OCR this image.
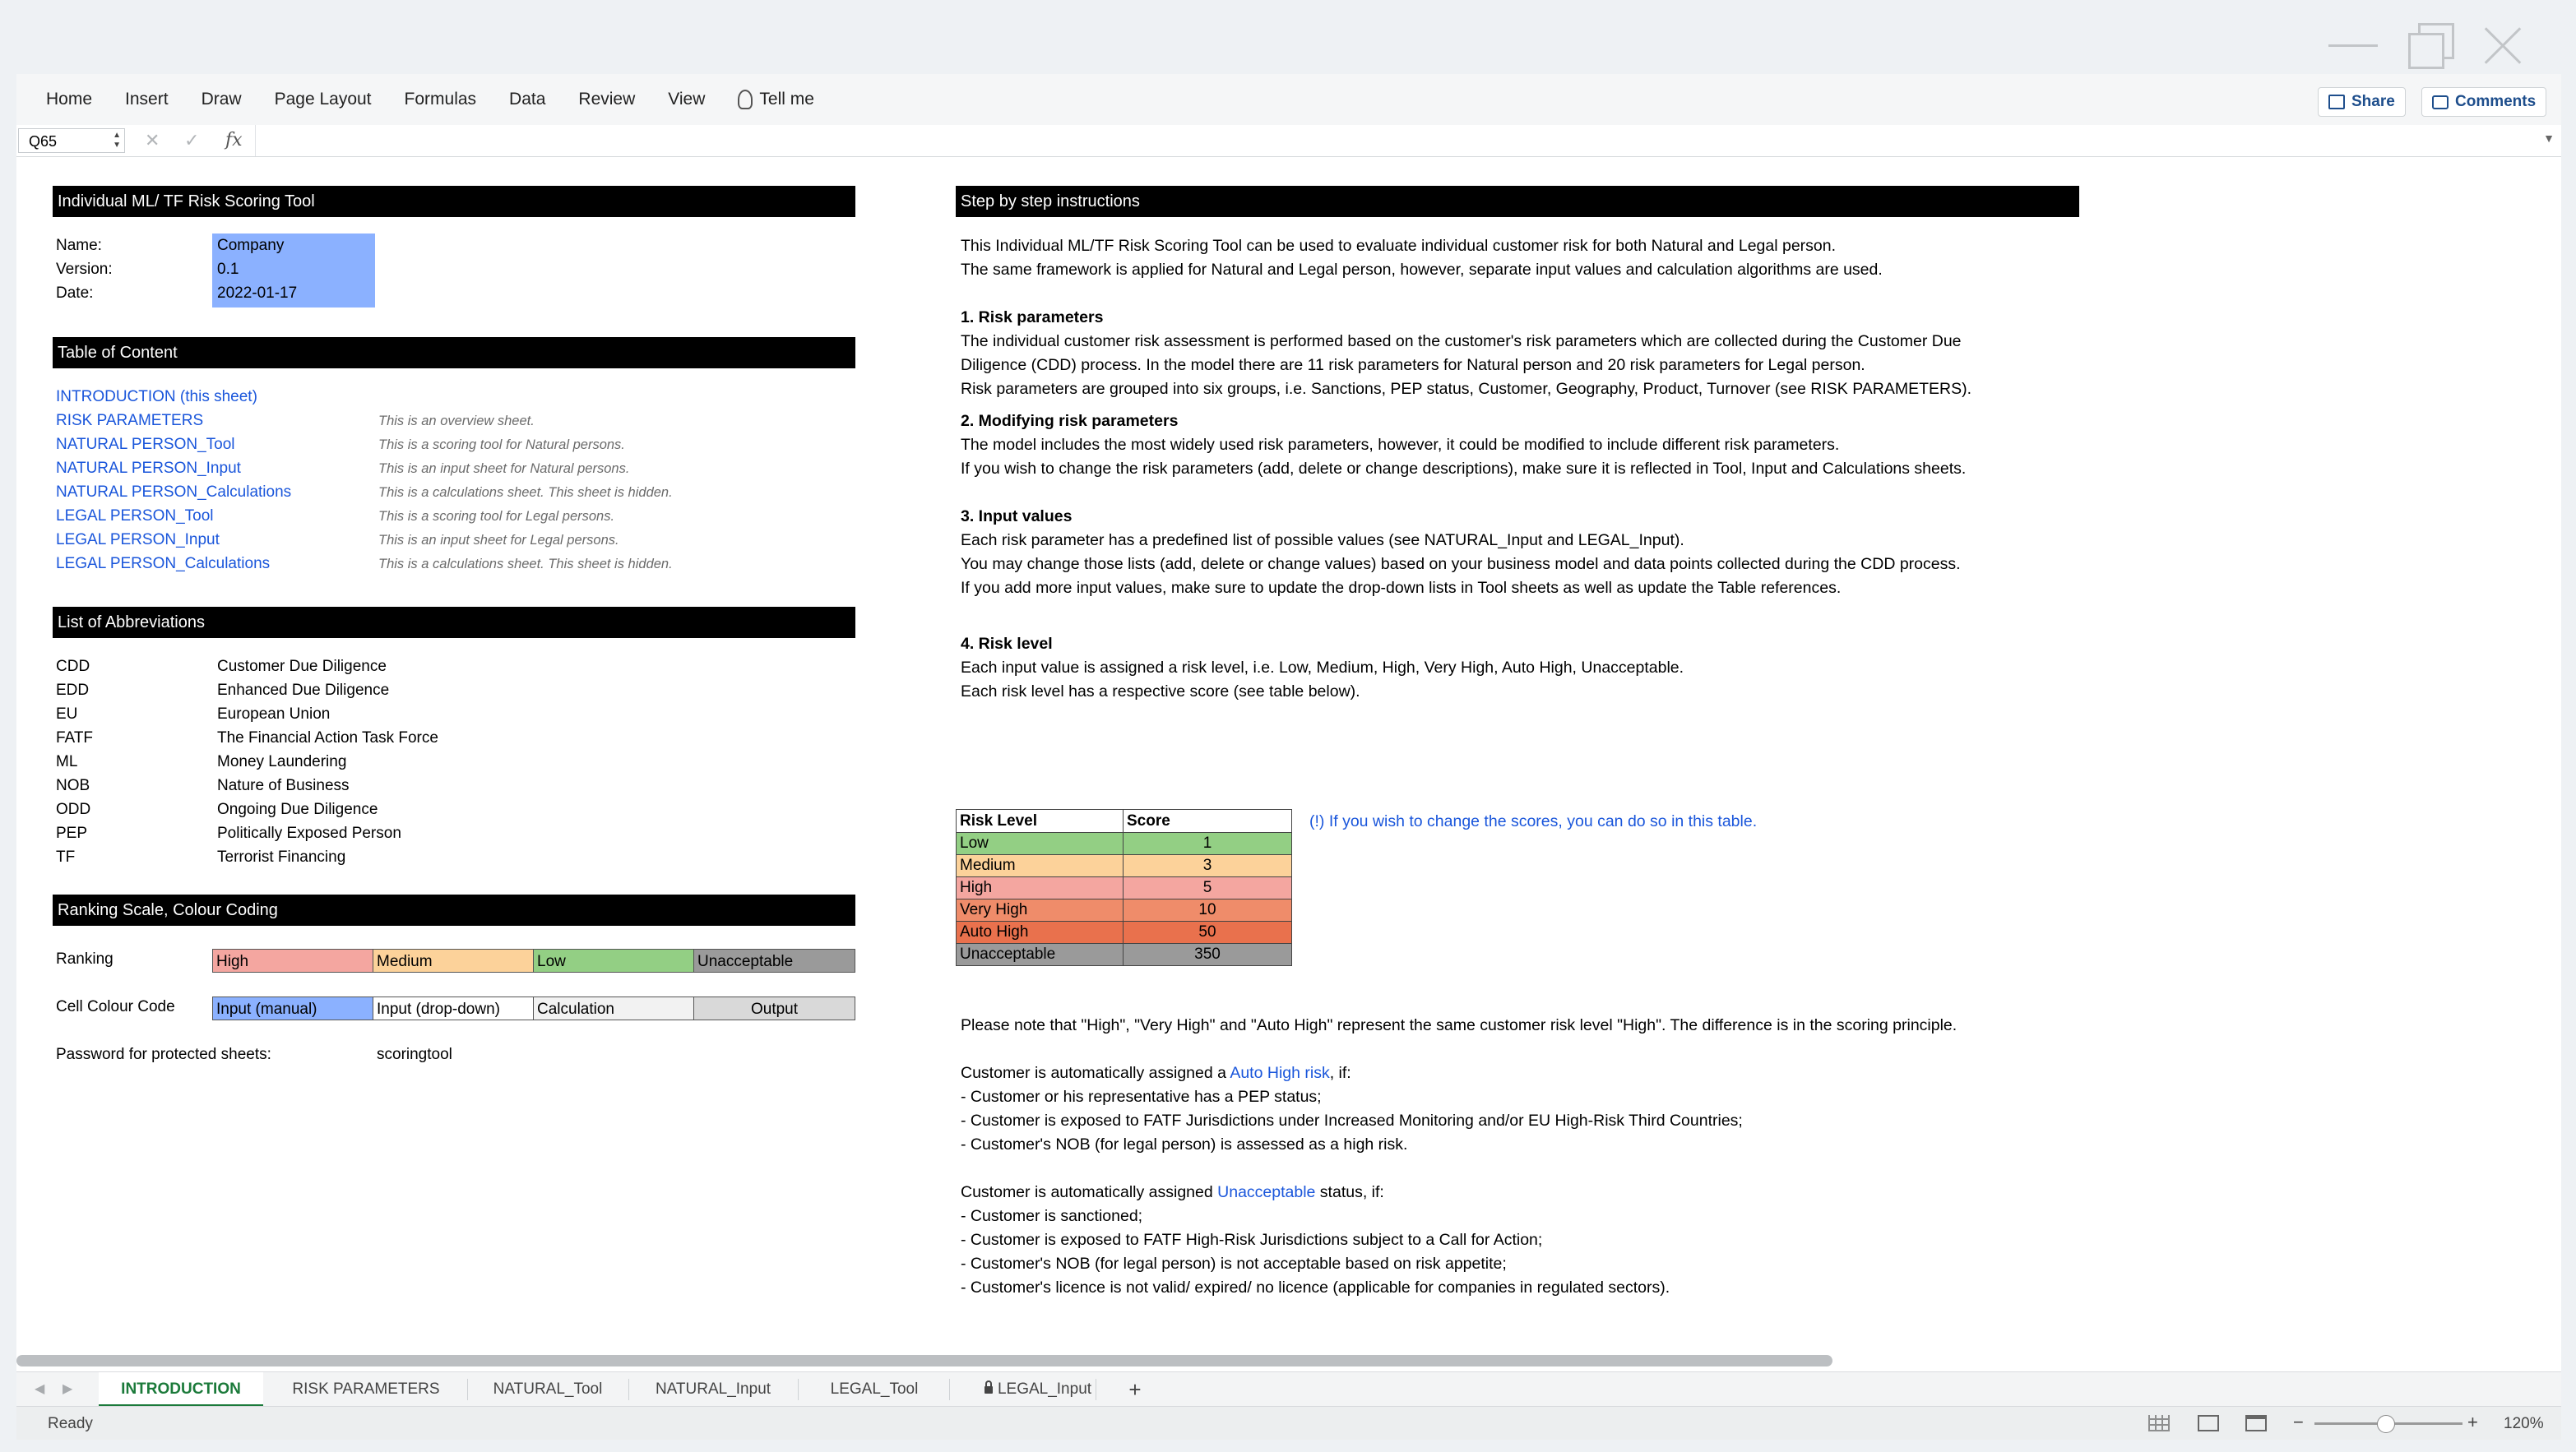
Home	Insert	Draw	Page Layout	Formulas	Data	Review	View	Tell me	Share	Comments
Q65	▲
▼ ✕ ✓ fx	▼
Individual ML/ TF Risk Scoring Tool
Name:	Company
Version:	0.1
Date:	2022-01-17
Table of Content
INTRODUCTION (this sheet)
RISK PARAMETERS	This is an overview sheet.
NATURAL PERSON_Tool	This is a scoring tool for Natural persons.
NATURAL PERSON_Input	This is an input sheet for Natural persons.
NATURAL PERSON_Calculations	This is a calculations sheet. This sheet is hidden.
LEGAL PERSON_Tool	This is a scoring tool for Legal persons.
LEGAL PERSON_Input	This is an input sheet for Legal persons.
LEGAL PERSON_Calculations	This is a calculations sheet. This sheet is hidden.
List of Abbreviations
CDD	Customer Due Diligence
EDD	Enhanced Due Diligence
EU	European Union
FATF	The Financial Action Task Force
ML	Money Laundering
NOB	Nature of Business
ODD	Ongoing Due Diligence
PEP	Politically Exposed Person
TF	Terrorist Financing
Ranking Scale, Colour Coding
Ranking	High	Medium	Low	Unacceptable
Cell Colour Code	Input (manual)	Input (drop-down)	Calculation	Output
Password for protected sheets:	scoringtool
Step by step instructions
This Individual ML/TF Risk Scoring Tool can be used to evaluate individual customer risk for both Natural and Legal person.
The same framework is applied for Natural and Legal person, however, separate input values and calculation algorithms are used.
1. Risk parameters
The individual customer risk assessment is performed based on the customer's risk parameters which are collected during the Customer Due
Diligence (CDD) process. In the model there are 11 risk parameters for Natural person and 20 risk parameters for Legal person.
Risk parameters are grouped into six groups, i.e. Sanctions, PEP status, Customer, Geography, Product, Turnover (see RISK PARAMETERS).
2. Modifying risk parameters
The model includes the most widely used risk parameters, however, it could be modified to include different risk parameters.
If you wish to change the risk parameters (add, delete or change descriptions), make sure it is reflected in Tool, Input and Calculations sheets.
3. Input values
Each risk parameter has a predefined list of possible values (see NATURAL_Input and LEGAL_Input).
You may change those lists (add, delete or change values) based on your business model and data points collected during the CDD process.
If you add more input values, make sure to update the drop-down lists in Tool sheets as well as update the Table references.
4. Risk level
Each input value is assigned a risk level, i.e. Low, Medium, High, Very High, Auto High, Unacceptable.
Each risk level has a respective score (see table below).
Risk Level	Score
Low	1
Medium	3
High	5
Very High	10
Auto High	50
Unacceptable	350
(!) If you wish to change the scores, you can do so in this table.
Please note that "High", "Very High" and "Auto High" represent the same customer risk level "High". The difference is in the scoring principle.
Customer is automatically assigned a Auto High risk, if:
- Customer or his representative has a PEP status;
- Customer is exposed to FATF Jurisdictions under Increased Monitoring and/or EU High-Risk Third Countries;
- Customer's NOB (for legal person) is assessed as a high risk.
Customer is automatically assigned Unacceptable status, if:
- Customer is sanctioned;
- Customer is exposed to FATF High-Risk Jurisdictions subject to a Call for Action;
- Customer's NOB (for legal person) is not acceptable based on risk appetite;
- Customer's licence is not valid/ expired/ no licence (applicable for companies in regulated sectors).
◀ ▶	INTRODUCTION	RISK PARAMETERS	NATURAL_Tool	NATURAL_Input	LEGAL_Tool	LEGAL_Input	+
Ready	−	+ 120%
